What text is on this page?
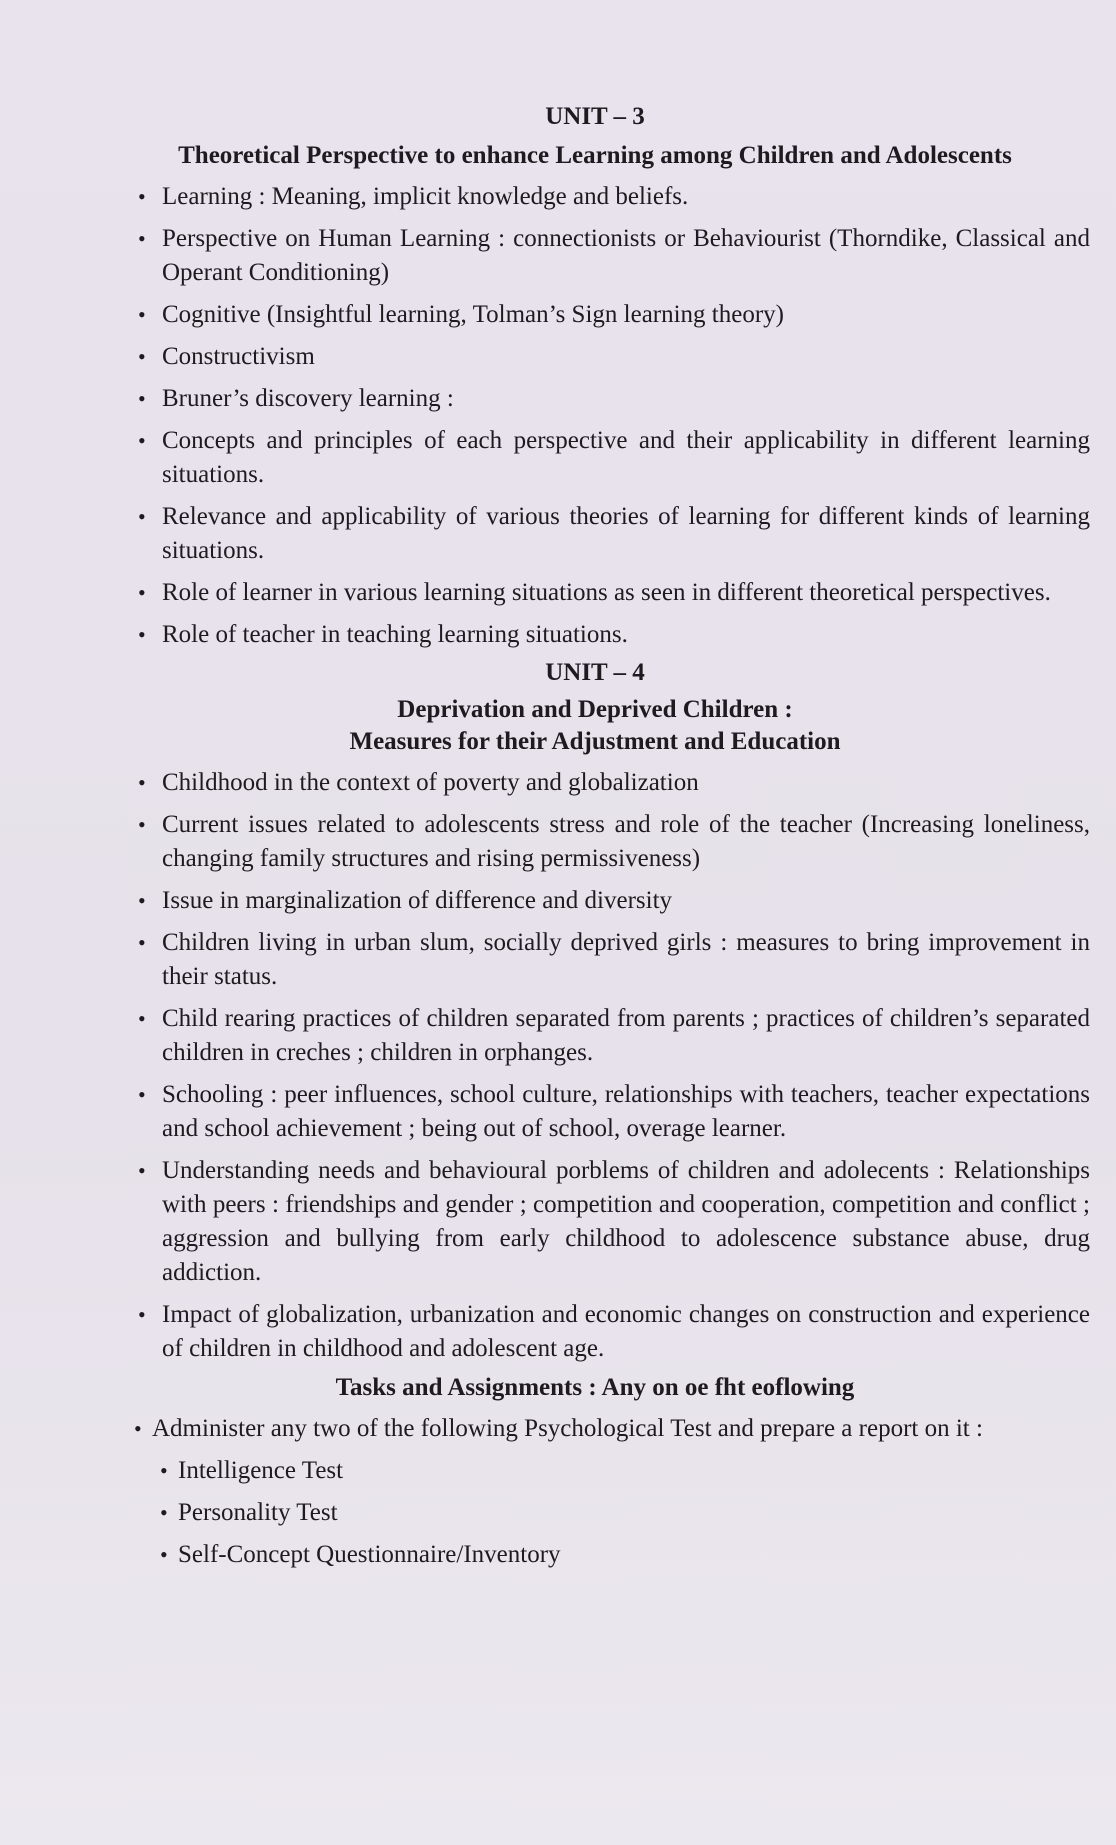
UNIT – 3
Theoretical Perspective to enhance Learning among Children and Adolescents
• Learning : Meaning, implicit knowledge and beliefs.
• Perspective on Human Learning : connectionists or Behaviourist (Thorndike, Classical and Operant Conditioning)
• Cognitive (Insightful learning, Tolman’s Sign learning theory)
• Constructivism
• Bruner’s discovery learning :
• Concepts and principles of each perspective and their applicability in different learning situations.
• Relevance and applicability of various theories of learning for different kinds of learning situations.
• Role of learner in various learning situations as seen in different theoretical perspectives.
• Role of teacher in teaching learning situations.
UNIT – 4
Deprivation and Deprived Children :
Measures for their Adjustment and Education
• Childhood in the context of poverty and globalization
• Current issues related to adolescents stress and role of the teacher (Increasing loneliness, changing family structures and rising permissiveness)
• Issue in marginalization of difference and diversity
• Children living in urban slum, socially deprived girls : measures to bring improvement in their status.
• Child rearing practices of children separated from parents ; practices of children’s separated children in creches ; children in orphanges.
• Schooling : peer influences, school culture, relationships with teachers, teacher expectations and school achievement ; being out of school, overage learner.
• Understanding needs and behavioural porblems of children and adolecents : Relationships with peers : friendships and gender ; competition and cooperation, competition and conflict ; aggression and bullying from early childhood to adolescence substance abuse, drug addiction.
• Impact of globalization, urbanization and economic changes on construction and experience of children in childhood and adolescent age.
Tasks and Assignments : Any on oe fht eoflowing
• Administer any two of the following Psychological Test and prepare a report on it :
• Intelligence Test
• Personality Test
• Self-Concept Questionnaire/Inventory
